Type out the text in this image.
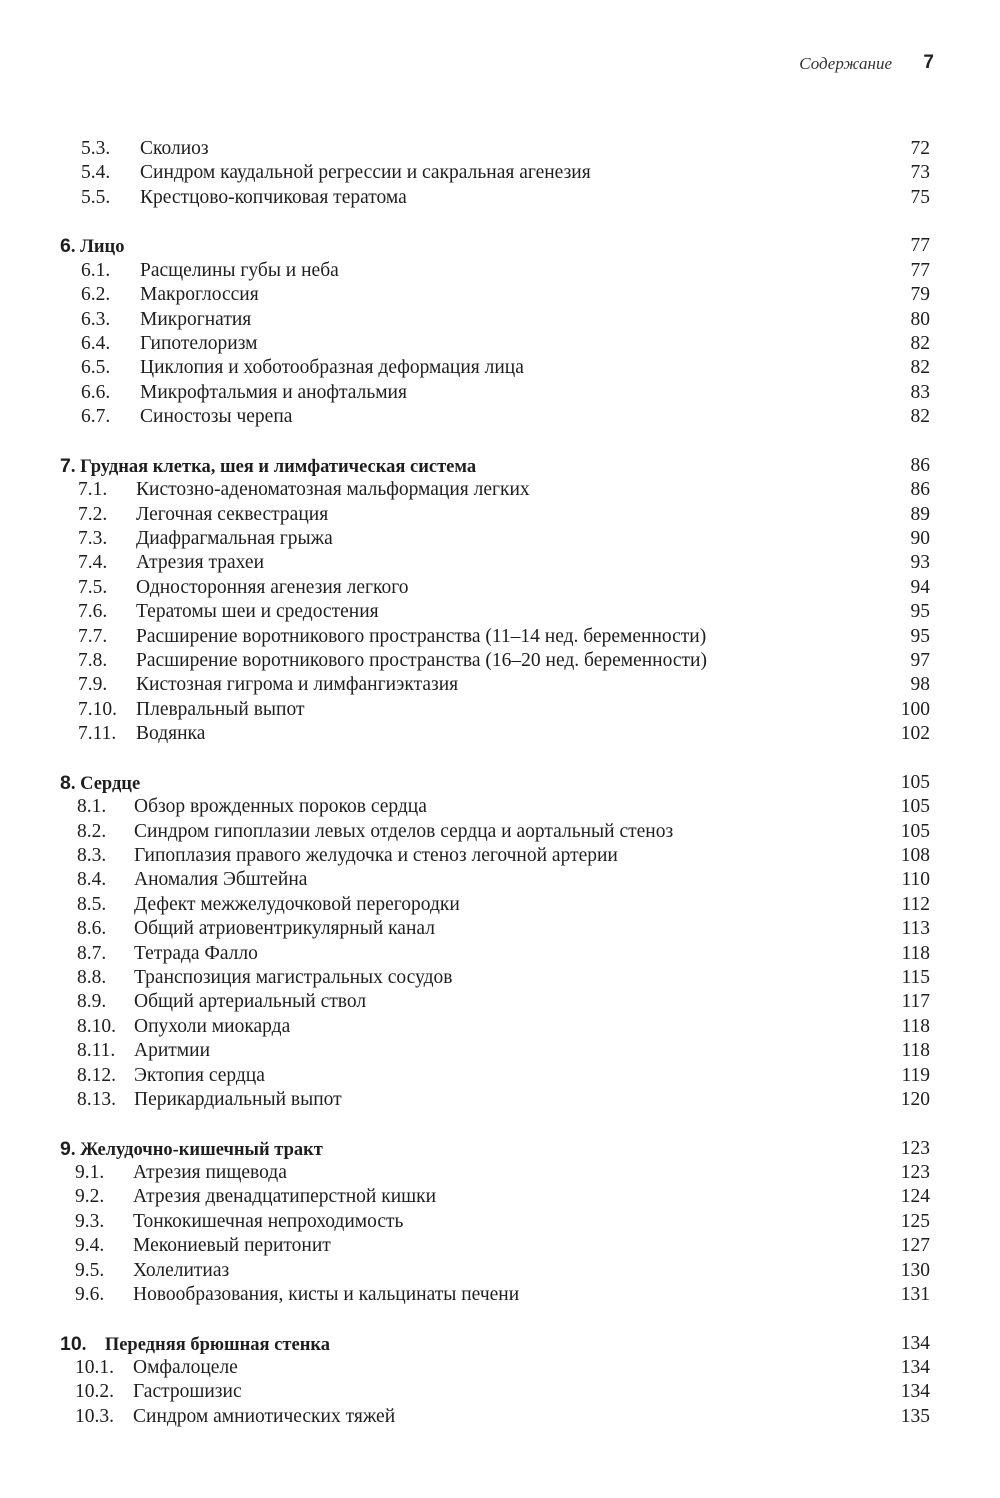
Содержание 7
5.3. Сколиоз	72
5.4. Синдром каудальной регрессии и сакральная агенезия	73
5.5. Крестцово-копчиковая тератома	75
6. Лицо	77
6.1. Расщелины губы и неба	77
6.2. Макроглоссия	79
6.3. Микрогнатия	80
6.4. Гипотелоризм	82
6.5. Циклопия и хоботообразная деформация лица	82
6.6. Микрофтальмия и анофтальмия	83
6.7. Синостозы черепа	82
7. Грудная клетка, шея и лимфатическая система	86
7.1. Кистозно-аденоматозная мальформация легких	86
7.2. Легочная секвестрация	89
7.3. Диафрагмальная грыжа	90
7.4. Атрезия трахеи	93
7.5. Односторонняя агенезия легкого	94
7.6. Тератомы шеи и средостения	95
7.7. Расширение воротникового пространства (11–14 нед. беременности)	95
7.8. Расширение воротникового пространства (16–20 нед. беременности)	97
7.9. Кистозная гигрома и лимфангиэктазия	98
7.10. Плевральный выпот	100
7.11. Водянка	102
8. Сердце	105
8.1. Обзор врожденных пороков сердца	105
8.2. Синдром гипоплазии левых отделов сердца и аортальный стеноз	105
8.3. Гипоплазия правого желудочка и стеноз легочной артерии	108
8.4. Аномалия Эбштейна	110
8.5. Дефект межжелудочковой перегородки	112
8.6. Общий атриовентрикулярный канал	113
8.7. Тетрада Фалло	118
8.8. Транспозиция магистральных сосудов	115
8.9. Общий артериальный ствол	117
8.10. Опухоли миокарда	118
8.11. Аритмии	118
8.12. Эктопия сердца	119
8.13. Перикардиальный выпот	120
9. Желудочно-кишечный тракт	123
9.1. Атрезия пищевода	123
9.2. Атрезия двенадцатиперстной кишки	124
9.3. Тонкокишечная непроходимость	125
9.4. Мекониевый перитонит	127
9.5. Холелитиаз	130
9.6. Новообразования, кисты и кальцинаты печени	131
10.    Передняя брюшная стенка	134
10.1. Омфалоцеле	134
10.2. Гастрошизис	134
10.3. Синдром амниотических тяжей	135
